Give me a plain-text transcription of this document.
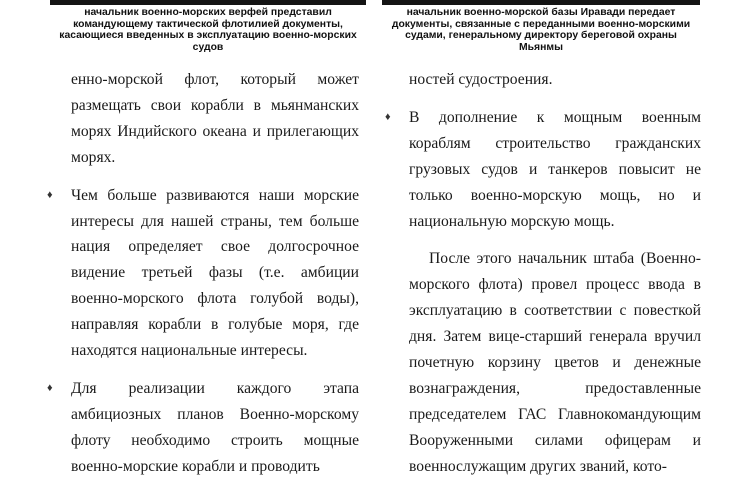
начальник военно-морских верфей представил командующему тактической флотилией документы, касающиеся введенных в эксплуатацию военно-морских судов

енно-морской флот, который может размещать свои корабли в мьянманских морях Индийского океана и прилегающих морях.

♦ Чем больше развиваются наши морские интересы для нашей страны, тем больше нация определяет свое долгосрочное видение третьей фазы (т.е. амбиции военно-морского флота голубой воды), направляя корабли в голубые моря, где находятся национальные интересы.

♦ Для реализации каждого этапа амбициозных планов Военно-морскому флоту необходимо строить мощные военно-морские корабли и проводить

начальник военно-морской базы Иравади передает документы, связанные с переданными военно-морскими судами, генеральному директору береговой охраны Мьянмы

ностей судостроения.

♦ В дополнение к мощным военным кораблям строительство гражданских грузовых судов и танкеров повысит не только военно-морскую мощь, но и национальную морскую мощь.

После этого начальник штаба (Военно-морского флота) провел процесс ввода в эксплуатацию в соответствии с повесткой дня. Затем вице-старший генерала вручил почетную корзину цветов и денежные вознаграждения, предоставленные председателем ГАС Главнокомандующим Вооруженными силами офицерам и военнослужащим других званий, кото-
